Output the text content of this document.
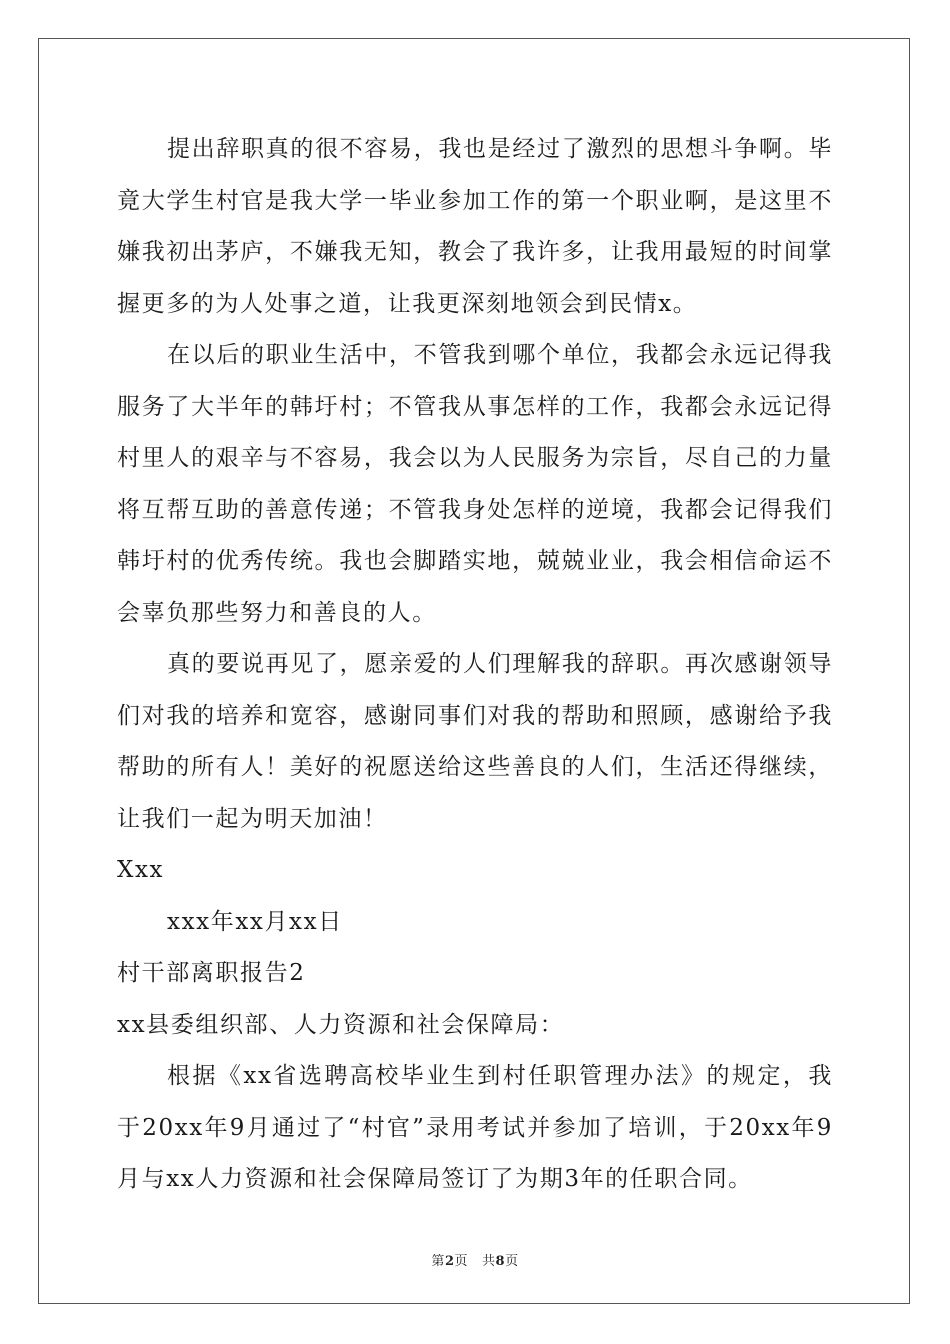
提出辞职真的很不容易，我也是经过了激烈的思想斗争啊。毕竟大学生村官是我大学一毕业参加工作的第一个职业啊，是这里不嫌我初出茅庐，不嫌我无知，教会了我许多，让我用最短的时间掌握更多的为人处事之道，让我更深刻地领会到民情x。

在以后的职业生活中，不管我到哪个单位，我都会永远记得我服务了大半年的韩圩村；不管我从事怎样的工作，我都会永远记得村里人的艰辛与不容易，我会以为人民服务为宗旨，尽自己的力量将互帮互助的善意传递；不管我身处怎样的逆境，我都会记得我们韩圩村的优秀传统。我也会脚踏实地，兢兢业业，我会相信命运不会辜负那些努力和善良的人。

真的要说再见了，愿亲爱的人们理解我的辞职。再次感谢领导们对我的培养和宽容，感谢同事们对我的帮助和照顾，感谢给予我帮助的所有人！美好的祝愿送给这些善良的人们，生活还得继续，让我们一起为明天加油！

Xxx

xxx年xx月xx日

村干部离职报告2

xx县委组织部、人力资源和社会保障局：

根据《xx省选聘高校毕业生到村任职管理办法》的规定，我于20xx年9月通过了“村官”录用考试并参加了培训，于20xx年9月与xx人力资源和社会保障局签订了为期3年的任职合同。

第2页 共8页
